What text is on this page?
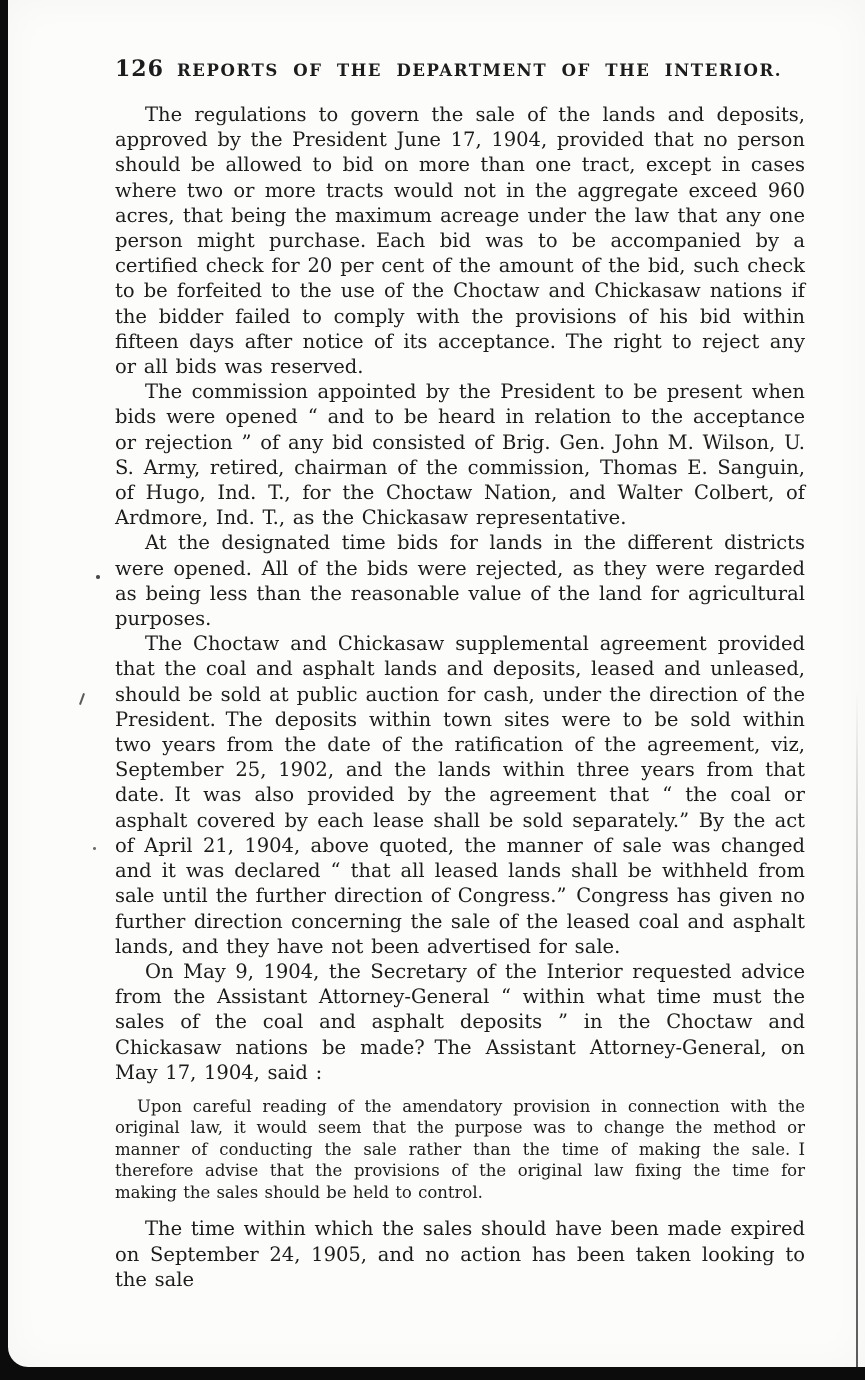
126 REPORTS OF THE DEPARTMENT OF THE INTERIOR.

The regulations to govern the sale of the lands and deposits, approved by the President June 17, 1904, provided that no person should be allowed to bid on more than one tract, except in cases where two or more tracts would not in the aggregate exceed 960 acres, that being the maximum acreage under the law that any one person might purchase. Each bid was to be accompanied by a certified check for 20 per cent of the amount of the bid, such check to be forfeited to the use of the Choctaw and Chickasaw nations if the bidder failed to comply with the provisions of his bid within fifteen days after notice of its acceptance. The right to reject any or all bids was reserved.

The commission appointed by the President to be present when bids were opened “ and to be heard in relation to the acceptance or rejection ” of any bid consisted of Brig. Gen. John M. Wilson, U. S. Army, retired, chairman of the commission, Thomas E. Sanguin, of Hugo, Ind. T., for the Choctaw Nation, and Walter Colbert, of Ardmore, Ind. T., as the Chickasaw representative.

At the designated time bids for lands in the different districts were opened. All of the bids were rejected, as they were regarded as being less than the reasonable value of the land for agricultural purposes.

The Choctaw and Chickasaw supplemental agreement provided that the coal and asphalt lands and deposits, leased and unleased, should be sold at public auction for cash, under the direction of the President. The deposits within town sites were to be sold within two years from the date of the ratification of the agreement, viz, September 25, 1902, and the lands within three years from that date. It was also provided by the agreement that “ the coal or asphalt covered by each lease shall be sold separately.” By the act of April 21, 1904, above quoted, the manner of sale was changed and it was declared “ that all leased lands shall be withheld from sale until the further direction of Congress.” Congress has given no further direction concerning the sale of the leased coal and asphalt lands, and they have not been advertised for sale.

On May 9, 1904, the Secretary of the Interior requested advice from the Assistant Attorney-General “ within what time must the sales of the coal and asphalt deposits ” in the Choctaw and Chickasaw nations be made? The Assistant Attorney-General, on May 17, 1904, said :

Upon careful reading of the amendatory provision in connection with the original law, it would seem that the purpose was to change the method or manner of conducting the sale rather than the time of making the sale. I therefore advise that the provisions of the original law fixing the time for making the sales should be held to control.

The time within which the sales should have been made expired on September 24, 1905, and no action has been taken looking to the sale
